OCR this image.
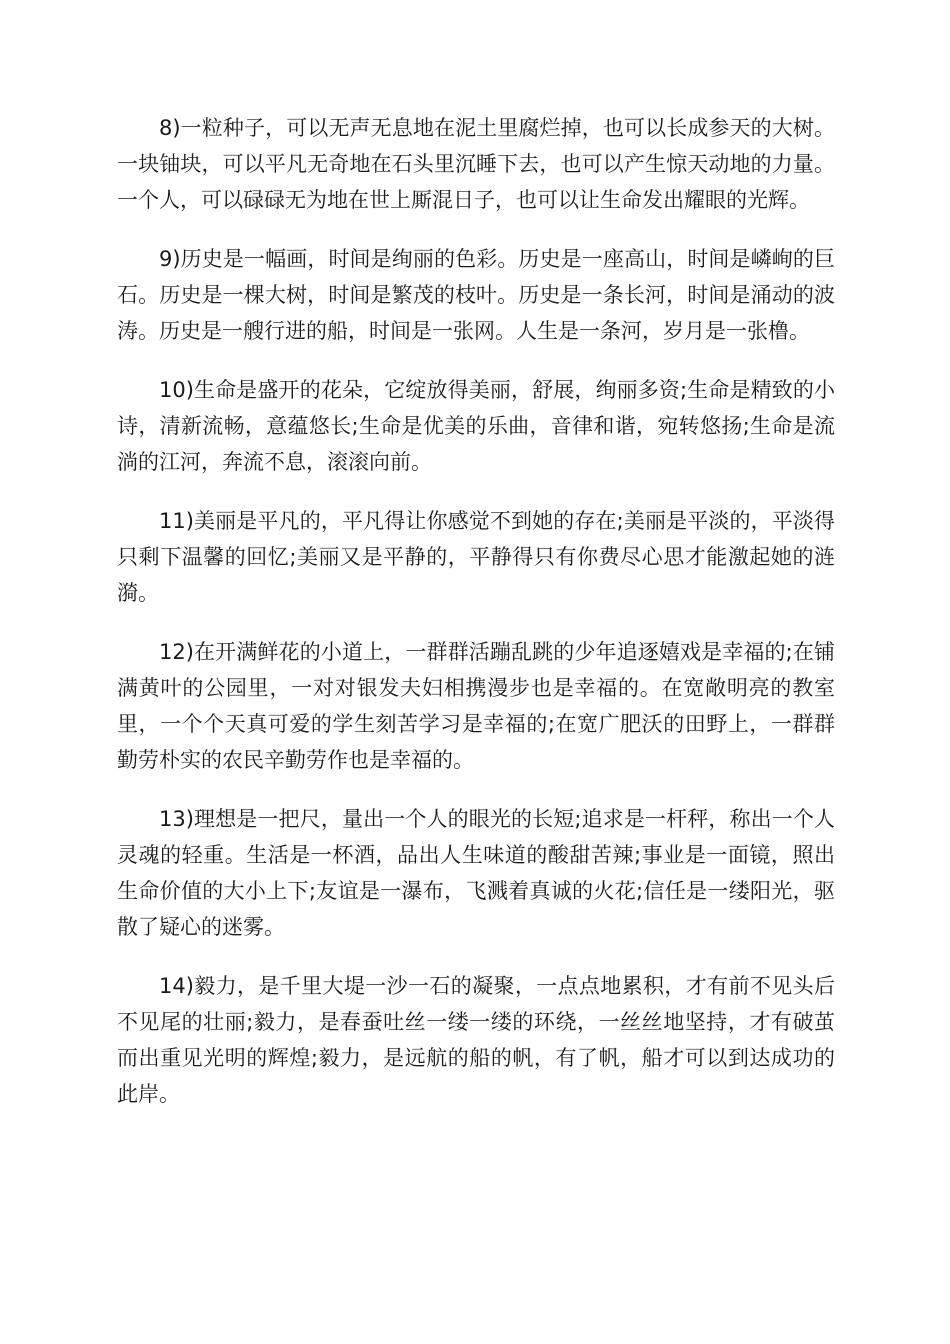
8)一粒种子，可以无声无息地在泥土里腐烂掉，也可以长成参天的大树。一块铀块，可以平凡无奇地在石头里沉睡下去，也可以产生惊天动地的力量。一个人，可以碌碌无为地在世上厮混日子，也可以让生命发出耀眼的光辉。

9)历史是一幅画，时间是绚丽的色彩。历史是一座高山，时间是嶙峋的巨石。历史是一棵大树，时间是繁茂的枝叶。历史是一条长河，时间是涌动的波涛。历史是一艘行进的船，时间是一张网。人生是一条河，岁月是一张橹。

10)生命是盛开的花朵，它绽放得美丽，舒展，绚丽多资;生命是精致的小诗，清新流畅，意蕴悠长;生命是优美的乐曲，音律和谐，宛转悠扬;生命是流淌的江河，奔流不息，滚滚向前。

11)美丽是平凡的，平凡得让你感觉不到她的存在;美丽是平淡的，平淡得只剩下温馨的回忆;美丽又是平静的，平静得只有你费尽心思才能激起她的涟漪。

12)在开满鲜花的小道上，一群群活蹦乱跳的少年追逐嬉戏是幸福的;在铺满黄叶的公园里，一对对银发夫妇相携漫步也是幸福的。在宽敞明亮的教室里，一个个天真可爱的学生刻苦学习是幸福的;在宽广肥沃的田野上，一群群勤劳朴实的农民辛勤劳作也是幸福的。

13)理想是一把尺，量出一个人的眼光的长短;追求是一杆秤，称出一个人灵魂的轻重。生活是一杯酒，品出人生味道的酸甜苦辣;事业是一面镜，照出生命价值的大小上下;友谊是一瀑布，飞溅着真诚的火花;信任是一缕阳光，驱散了疑心的迷雾。

14)毅力，是千里大堤一沙一石的凝聚，一点点地累积，才有前不见头后不见尾的壮丽;毅力，是春蚕吐丝一缕一缕的环绕，一丝丝地坚持，才有破茧而出重见光明的辉煌;毅力，是远航的船的帆，有了帆，船才可以到达成功的此岸。
